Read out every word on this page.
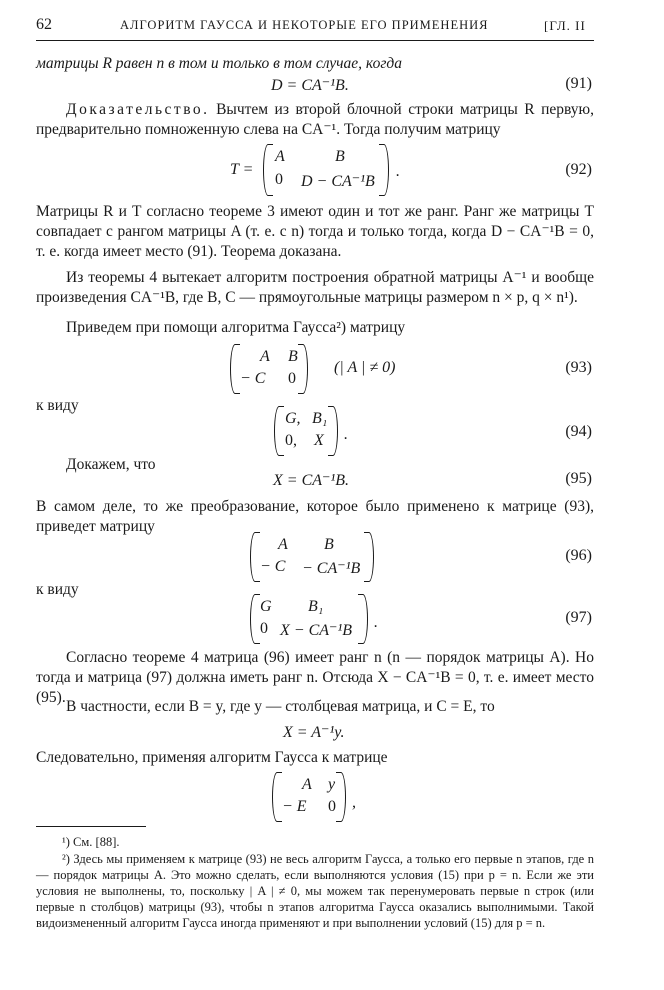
62	АЛГОРИТМ ГАУССА И НЕКОТОРЫЕ ЕГО ПРИМЕНЕНИЯ	[ГЛ. II
матрицы R равен n в том и только в том случае, когда
D = CA⁻¹B.	(91)
Доказательство. Вычтем из второй блочной строки матрицы R первую, предварительно помноженную слева на CA⁻¹. Тогда получим матрицу
T =
A	B
0 D − CA⁻¹B
.	(92)
Матрицы R и T согласно теореме 3 имеют один и тот же ранг. Ранг же матрицы T совпадает с рангом матрицы A (т. е. с n) тогда и только тогда, когда D − CA⁻¹B = 0, т. е. когда имеет место (91). Теорема доказана.
Из теоремы 4 вытекает алгоритм построения обратной матрицы A⁻¹ и вообще произведения CA⁻¹B, где B, C — прямоугольные матрицы размером n × p, q × n¹).
Приведем при помощи алгоритма Гаусса²) матрицу
A B
− C 0
(| A | ≠ 0)	(93)
к виду
G, B₁
0, X .	(94)
Докажем, что
X = CA⁻¹B.	(95)
В самом деле, то же преобразование, которое было применено к матрице (93), приведет матрицу
A B
− C − CA⁻¹B
(96)
к виду
G B₁
0 X − CA⁻¹B .	(97)
Согласно теореме 4 матрица (96) имеет ранг n (n — порядок матрицы A). Но тогда и матрица (97) должна иметь ранг n. Отсюда X − CA⁻¹B = 0, т. е. имеет место (95).
В частности, если B = y, где y — столбцевая матрица, и C = E, то
X = A⁻¹y.
Следовательно, применяя алгоритм Гаусса к матрице
A y
− E 0 ,
¹) См. [88].
²) Здесь мы применяем к матрице (93) не весь алгоритм Гаусса, а только его первые n этапов, где n — порядок матрицы A. Это можно сделать, если выполняются условия (15) при p = n. Если же эти условия не выполнены, то, поскольку | A | ≠ 0, мы можем так перенумеровать первые n строк (или первые n столбцов) матрицы (93), чтобы n этапов алгоритма Гаусса оказались выполнимыми. Такой видоизмененный алгоритм Гаусса иногда применяют и при выполнении условий (15) для p = n.
